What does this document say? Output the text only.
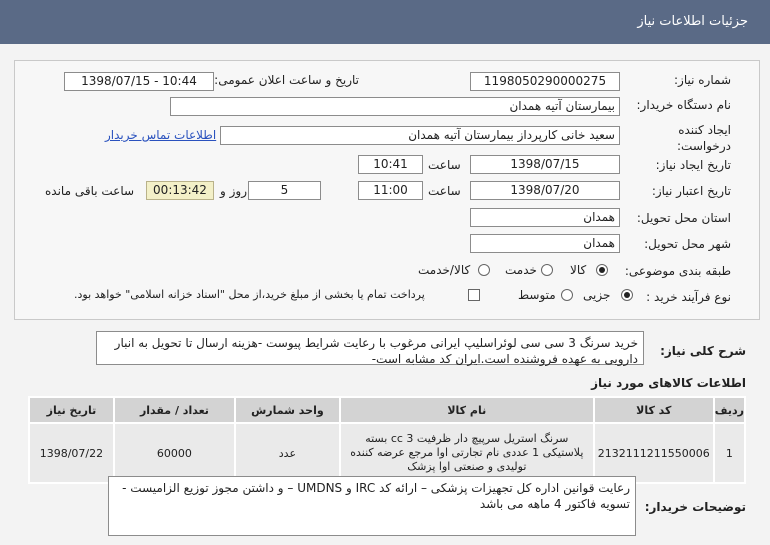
جزئیات اطلاعات نیاز
شماره نیاز:
1198050290000275
تاریخ و ساعت اعلان عمومی:
1398/07/15 - 10:44
نام دستگاه خریدار:
بیمارستان آتیه همدان
ایجاد کننده درخواست:
سعید خانی کارپرداز بیمارستان آتیه همدان
اطلاعات تماس خریدار
تاریخ ایجاد نیاز:
1398/07/15
ساعت
10:41
تاریخ اعتبار نیاز:
1398/07/20
ساعت
11:00
5
روز و
00:13:42
ساعت باقی مانده
استان محل تحویل:
همدان
شهر محل تحویل:
همدان
طبقه بندی موضوعی:
کالا
خدمت
کالا/خدمت
نوع فرآیند خرید :
جزیی
متوسط
پرداخت تمام یا بخشی از مبلغ خرید،از محل "اسناد خزانه اسلامی" خواهد بود.
شرح کلی نیاز:
خرید سرنگ 3 سی سی لوئراسلیپ ایرانی مرغوب با رعایت شرایط پیوست -هزینه ارسال تا تحویل به انبار دارویی به عهده فروشنده است.ایران کد مشابه است-
اطلاعات کالاهای مورد نیاز
ردیف	کد کالا	نام کالا	واحد شمارش	تعداد / مقدار	تاریخ نیاز
1	2132111211550006	سرنگ استریل سرپیچ دار ظرفیت cc 3 بسته پلاستیکی 1 عددی نام تجارتی اوا مرجع عرضه کننده تولیدی و صنعتی اوا پزشک	عدد	60000	1398/07/22
توضیحات خریدار:
رعایت قوانین اداره کل تجهیزات پزشکی – ارائه کد IRC و UMDNS – و داشتن مجوز توزیع الزامیست - تسویه فاکتور 4 ماهه می باشد
